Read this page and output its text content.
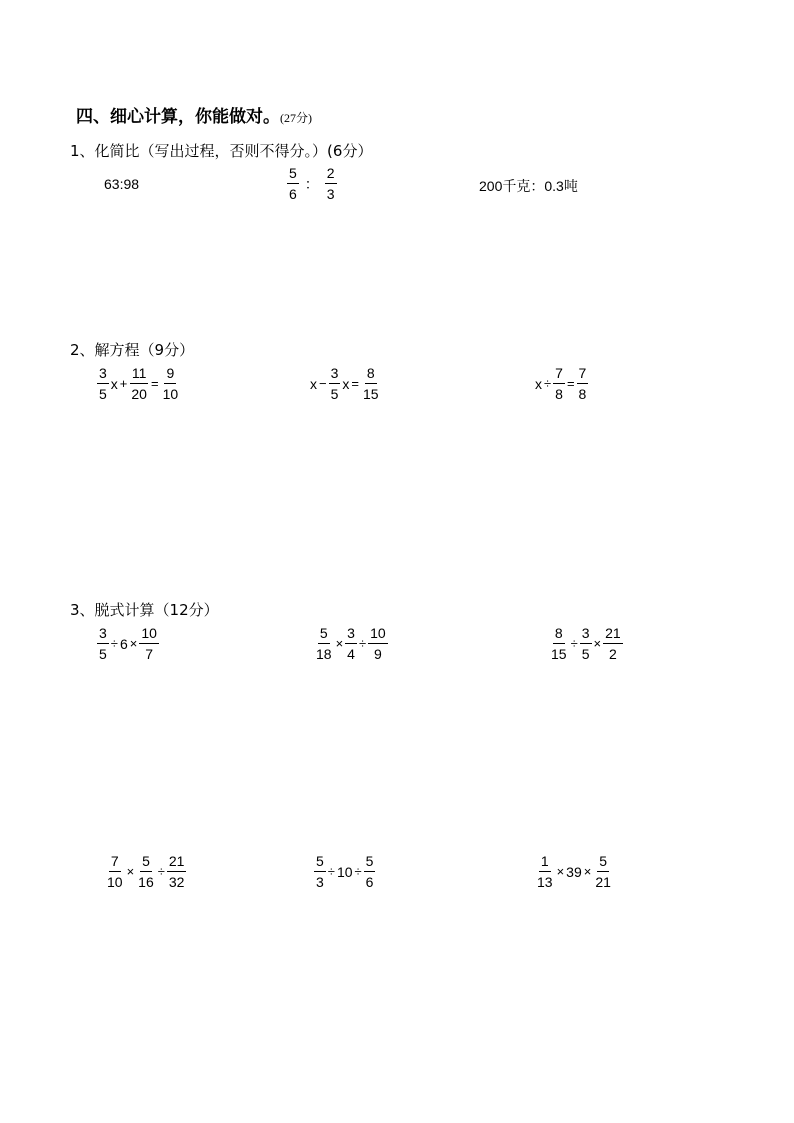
四、细心计算，你能做对。(27分)
1、化简比（写出过程，否则不得分。）(6分）
63:98	$\frac{5}{6}$ ： $\frac{2}{3}$	200千克：0.3吨
2、解方程（9分）
$\frac{3}{5}$ $x + \frac{11}{20} = \frac{9}{10}$	$x - \frac{3}{5}$ $x = \frac{8}{15}$	$x \div \frac{7}{8} = \frac{7}{8}$
3、脱式计算（12分）
$\frac{3}{5} \div 6 \times \frac{10}{7}$	$\frac{5}{18} \times \frac{3}{4} \div \frac{10}{9}$	$\frac{8}{15} \div \frac{3}{5} \times \frac{21}{2}$
$\frac{7}{10} \times \frac{5}{16} \div \frac{21}{32}$	$\frac{5}{3} \div 10 \div \frac{5}{6}$	$\frac{1}{13} \times 39 \times \frac{5}{21}$
